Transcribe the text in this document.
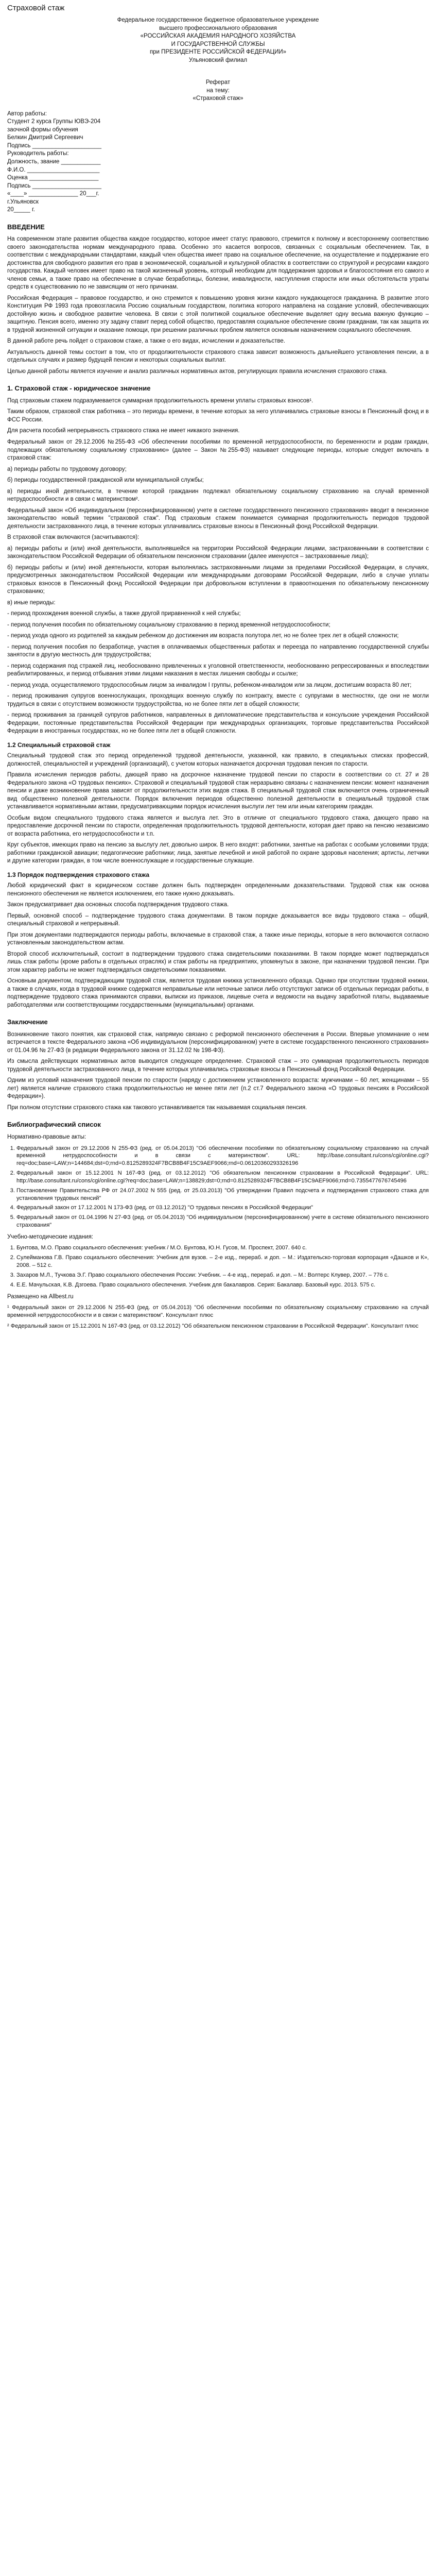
Страховой стаж

Федеральное государственное бюджетное образовательное учреждение

высшего профессионального образования

«РОССИЙСКАЯ АКАДЕМИЯ НАРОДНОГО ХОЗЯЙСТВА

И ГОСУДАРСТВЕННОЙ СЛУЖБЫ

при ПРЕЗИДЕНТЕ РОССИЙСКОЙ ФЕДЕРАЦИИ»

Ульяновский филиал

Реферат

на тему:

«Страховой стаж»

Автор работы:

Студент 2 курса Группы ЮВЭ-204

заочной формы обучения

Белкин Дмитрий Сергеевич

Подпись _____________________

Руководитель работы:

Должность, звание ____________

Ф.И.О. ______________________

Оценка _____________________

Подпись _____________________

«____» _______________ 20___г.

г.Ульяновск

20_____ г.

ВВЕДЕНИЕ

На современном этапе развития общества каждое государство, которое имеет статус правового, стремится к полному и всестороннему соответствию своего законодательства нормам международного права. Особенно это касается вопросов, связанных с социальным обеспечением. Так, в соответствии с международными стандартами, каждый член общества имеет право на социальное обеспечение, на осуществление и поддержание его достоинства для свободного развития его прав в экономической, социальной и культурной областях в соответствии со структурой и ресурсами каждого государства. Каждый человек имеет право на такой жизненный уровень, который необходим для поддержания здоровья и благосостояния его самого и членов семьи, а также право на обеспечение в случае безработицы, болезни, инвалидности, наступления старости или иных обстоятельств утраты средств к существованию по не зависящим от него причинам.

Российская Федерация – правовое государство, и оно стремится к повышению уровня жизни каждого нуждающегося гражданина. В развитие этого Конституция РФ 1993 года провозгласила Россию социальным государством, политика которого направлена на создание условий, обеспечивающих достойную жизнь и свободное развитие человека. В связи с этой политикой социальное обеспечение выделяет одну весьма важную функцию – защитную. Пенсия всего, именно эту задачу ставит перед собой общество, предоставляя социальное обеспечение своим гражданам, так как защита их в трудной жизненной ситуации и оказание помощи, при решении различных проблем является основным назначением социального обеспечения.

В данной работе речь пойдет о страховом стаже, а также о его видах, исчислении и доказательстве.

Актуальность данной темы состоит в том, что от продолжительности страхового стажа зависит возможность дальнейшего установления пенсии, а в отдельных случаях и размер будущей пенсии и некоторых социальных выплат.

Целью данной работы является изучение и анализ различных нормативных актов, регулирующих правила исчисления страхового стажа.

1. Страховой стаж - юридическое значение

Под страховым стажем подразумевается суммарная продолжительность времени уплаты страховых взносов¹.

Таким образом, страховой стаж работника – это периоды времени, в течение которых за него уплачивались страховые взносы в Пенсионный фонд и в ФСС России.

Для расчета пособий непрерывность страхового стажа не имеет никакого значения.

Федеральный закон от 29.12.2006 №255-ФЗ «Об обеспечении пособиями по временной нетрудоспособности, по беременности и родам граждан, подлежащих обязательному социальному страхованию» (далее – Закон №255-ФЗ) называет следующие периоды, которые следует включать в страховой стаж:

а) периоды работы по трудовому договору;

б) периоды государственной гражданской или муниципальной службы;

в) периоды иной деятельности, в течение которой гражданин подлежал обязательному социальному страхованию на случай временной нетрудоспособности и в связи с материнством².

Федеральный закон «Об индивидуальном (персонифицированном) учете в системе государственного пенсионного страхования» вводит в пенсионное законодательство новый термин "страховой стаж". Под страховым стажем понимается суммарная продолжительность периодов трудовой деятельности застрахованного лица, в течение которых уплачивались страховые взносы в Пенсионный фонд Российской Федерации.

В страховой стаж включаются (засчитываются):

а) периоды работы и (или) иной деятельности, выполнявшейся на территории Российской Федерации лицами, застрахованными в соответствии с законодательством Российской Федерации об обязательном пенсионном страховании (далее именуются – застрахованные лица);

б) периоды работы и (или) иной деятельности, которая выполнялась застрахованными лицами за пределами Российской Федерации, в случаях, предусмотренных законодательством Российской Федерации или международными договорами Российской Федерации, либо в случае уплаты страховых взносов в Пенсионный фонд Российской Федерации при добровольном вступлении в правоотношения по обязательному пенсионному страхованию;

в) иные периоды:

- период прохождения военной службы, а также другой приравненной к ней службы;

- период получения пособия по обязательному социальному страхованию в период временной нетрудоспособности;

- период ухода одного из родителей за каждым ребенком до достижения им возраста полутора лет, но не более трех лет в общей сложности;

- период получения пособия по безработице, участия в оплачиваемых общественных работах и переезда по направлению государственной службы занятости в другую местность для трудоустройства;

- период содержания под стражей лиц, необоснованно привлеченных к уголовной ответственности, необоснованно репрессированных и впоследствии реабилитированных, и период отбывания этими лицами наказания в местах лишения свободы и ссылке;

- период ухода, осуществляемого трудоспособным лицом за инвалидом I группы, ребенком-инвалидом или за лицом, достигшим возраста 80 лет;

- период проживания супругов военнослужащих, проходящих военную службу по контракту, вместе с супругами в местностях, где они не могли трудиться в связи с отсутствием возможности трудоустройства, но не более пяти лет в общей сложности;

- период проживания за границей супругов работников, направленных в дипломатические представительства и консульские учреждения Российской Федерации, постоянные представительства Российской Федерации при международных организациях, торговые представительства Российской Федерации в иностранных государствах, но не более пяти лет в общей сложности.

1.2 Специальный страховой стаж

Специальный трудовой стаж это период определенной трудовой деятельности, указанной, как правило, в специальных списках профессий, должностей, специальностей и учреждений (организаций), с учетом которых назначается досрочная трудовая пенсия по старости.

Правила исчисления периодов работы, дающей право на досрочное назначение трудовой пенсии по старости в соответствии со ст. 27 и 28 Федерального закона «О трудовых пенсиях». Страховой и специальный трудовой стаж неразрывно связаны с назначением пенсии: момент назначения пенсии и даже возникновение права зависят от продолжительности этих видов стажа. В специальный трудовой стаж включается очень ограниченный вид общественно полезной деятельности. Порядок включения периодов общественно полезной деятельности в специальный трудовой стаж устанавливается нормативными актами, предусматривающими порядок исчисления выслуги лет тем или иным категориям граждан.

Особым видом специального трудового стажа является и выслуга лет. Это в отличие от специального трудового стажа, дающего право на предоставление досрочной пенсии по старости, определенная продолжительность трудовой деятельности, которая дает право на пенсию независимо от возраста работника, его нетрудоспособности и т.п.

Круг субъектов, имеющих право на пенсию за выслугу лет, довольно широк. В него входят: работники, занятые на работах с особыми условиями труда; работники гражданской авиации; педагогические работники; лица, занятые лечебной и иной работой по охране здоровья населения; артисты, летчики и другие категории граждан, в том числе военнослужащие и государственные служащие.

1.3 Порядок подтверждения страхового стажа

Любой юридический факт в юридическом составе должен быть подтвержден определенными доказательствами. Трудовой стаж как основа пенсионного обеспечения не является исключением, его также нужно доказывать.

Закон предусматривает два основных способа подтверждения трудового стажа.

Первый, основной способ – подтверждение трудового стажа документами. В таком порядке доказывается все виды трудового стажа – общий, специальный страховой и непрерывный.

При этом документами подтверждаются периоды работы, включаемые в страховой стаж, а также иные периоды, которые в него включаются согласно установленным законодательством актам.

Второй способ исключительный, состоит в подтверждении трудового стажа свидетельскими показаниями. В таком порядке может подтверждаться лишь стаж работы (кроме работы в отдельных отраслях) и стаж работы на предприятиях, упомянутых в законе, при назначении трудовой пенсии. При этом характер работы не может подтверждаться свидетельскими показаниями.

Основным документом, подтверждающим трудовой стаж, является трудовая книжка установленного образца. Однако при отсутствии трудовой книжки, а также в случаях, когда в трудовой книжке содержатся неправильные или неточные записи либо отсутствуют записи об отдельных периодах работы, в подтверждение трудового стажа принимаются справки, выписки из приказов, лицевые счета и ведомости на выдачу заработной платы, выдаваемые работодателями или соответствующими государственными (муниципальными) органами.

Заключение

Возникновение такого понятия, как страховой стаж, напрямую связано с реформой пенсионного обеспечения в России. Впервые упоминание о нем встречается в тексте Федерального закона «Об индивидуальном (персонифицированном) учете в системе государственного пенсионного страхования» от 01.04.96 № 27-ФЗ (в редакции Федерального закона от 31.12.02 № 198-ФЗ).

Из смысла действующих нормативных актов выводится следующее определение. Страховой стаж – это суммарная продолжительность периодов трудовой деятельности застрахованного лица, в течение которых уплачивались страховые взносы в Пенсионный фонд Российской Федерации.

Одним из условий назначения трудовой пенсии по старости (наряду с достижением установленного возраста: мужчинами – 60 лет, женщинами – 55 лет) является наличие страхового стажа продолжительностью не менее пяти лет (п.2 ст.7 Федерального закона «О трудовых пенсиях в Российской Федерации»).

При полном отсутствии страхового стажа как такового устанавливается так называемая социальная пенсия.

Библиографический список

Нормативно-правовые акты:

1. Федеральный закон от 29.12.2006 N 255-ФЗ (ред. от 05.04.2013) "Об обеспечении пособиями по обязательному социальному страхованию на случай временной нетрудоспособности и в связи с материнством". URL: http://base.consultant.ru/cons/cgi/online.cgi?req=doc;base=LAW;n=144684;dst=0;rnd=0.8125289324F7BCB8B4F15C9AEF9066;rnd=0.06120360293326196
2. Федеральный закон от 15.12.2001 N 167-ФЗ (ред. от 03.12.2012) "Об обязательном пенсионном страховании в Российской Федерации". URL: http://base.consultant.ru/cons/cgi/online.cgi?req=doc;base=LAW;n=138829;dst=0;rnd=0.8125289324F7BCB8B4F15C9AEF9066;rnd=0.7355477676745496
3. Постановление Правительства РФ от 24.07.2002 N 555 (ред. от 25.03.2013) "Об утверждении Правил подсчета и подтверждения страхового стажа для установления трудовых пенсий"
4. Федеральный закон от 17.12.2001 N 173-ФЗ (ред. от 03.12.2012) "О трудовых пенсиях в Российской Федерации"
5. Федеральный закон от 01.04.1996 N 27-ФЗ (ред. от 05.04.2013) "Об индивидуальном (персонифицированном) учете в системе обязательного пенсионного страхования"

Учебно-методические издания:

1. Бунтова, М.О. Право социального обеспечения: учебник / М.О. Бунтова, Ю.Н. Гусов, М. Проспект, 2007. 640 с.
2. Сулейманова Г.В. Право социального обеспечения: Учебник для вузов. – 2-е изд., перераб. и доп. – М.: Издательско-торговая корпорация «Дашков и К», 2008. – 512 с.
3. Захаров М.Л., Тучкова Э.Г. Право социального обеспечения России: Учебник. – 4-е изд., перераб. и доп. – М.: Волтерс Клувер, 2007. – 776 с.
4. Е.Е. Мачульская, К.В. Дзгоева. Право социального обеспечения. Учебник для бакалавров. Серия: Бакалавр. Базовый курс. 2013. 575 с.

Размещено на Allbest.ru

¹ Федеральный закон от 29.12.2006 N 255-ФЗ (ред. от 05.04.2013) "Об обеспечении пособиями по обязательному социальному страхованию на случай временной нетрудоспособности и в связи с материнством". Консультант плюс

² Федеральный закон от 15.12.2001 N 167-ФЗ (ред. от 03.12.2012) "Об обязательном пенсионном страховании в Российской Федерации". Консультант плюс
